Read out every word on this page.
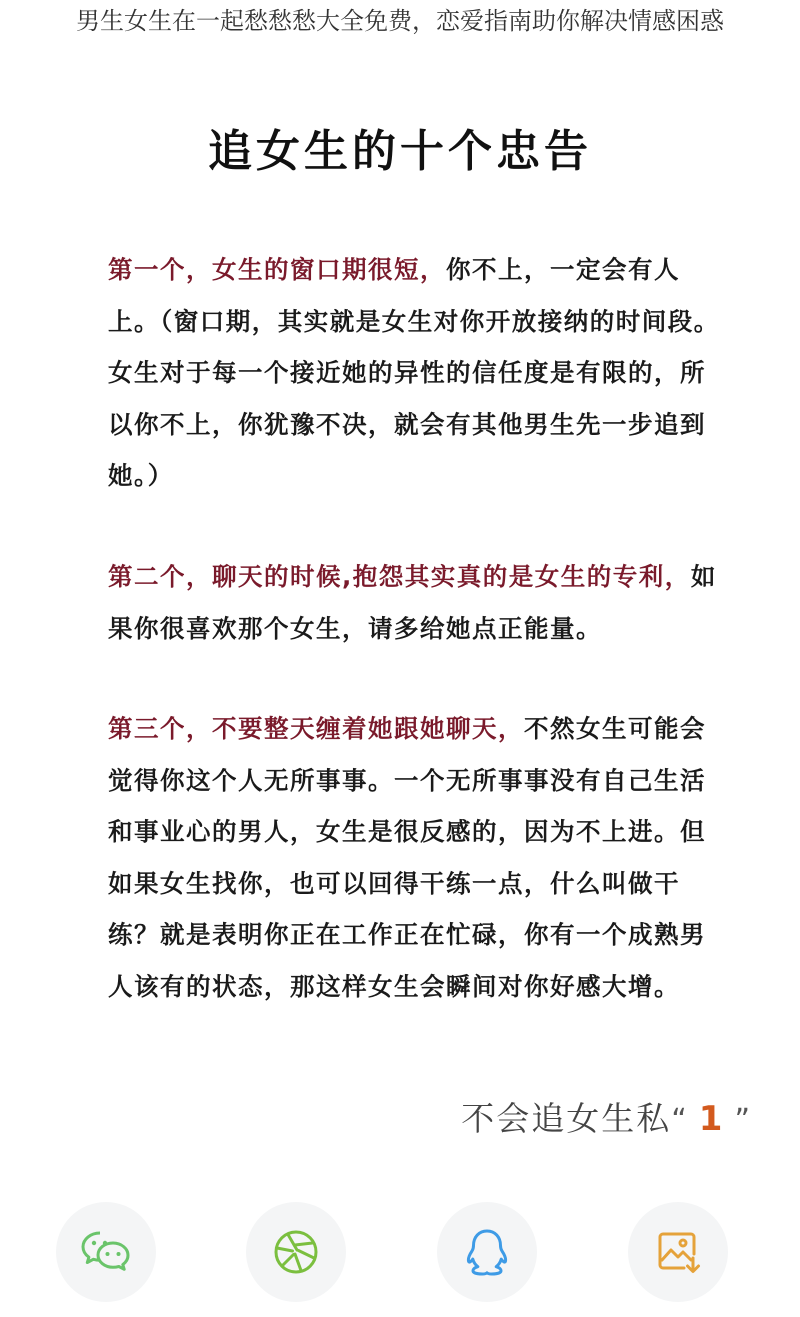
男生女生在一起愁愁愁大全免费，恋爱指南助你解决情感困惑
追女生的十个忠告

第一个，女生的窗口期很短，你不上，一定会有人上。（窗口期，其实就是女生对你开放接纳的时间段。女生对于每一个接近她的异性的信任度是有限的，所以你不上，你犹豫不决，就会有其他男生先一步追到她。）

第二个，聊天的时候,抱怨其实真的是女生的专利，如果你很喜欢那个女生，请多给她点正能量。

第三个，不要整天缠着她跟她聊天，不然女生可能会觉得你这个人无所事事。一个无所事事没有自己生活和事业心的男人，女生是很反感的，因为不上进。但如果女生找你，也可以回得干练一点，什么叫做干练？就是表明你正在工作正在忙碌，你有一个成熟男人该有的状态，那这样女生会瞬间对你好感大增。

不会追女生私“ 1 ”
